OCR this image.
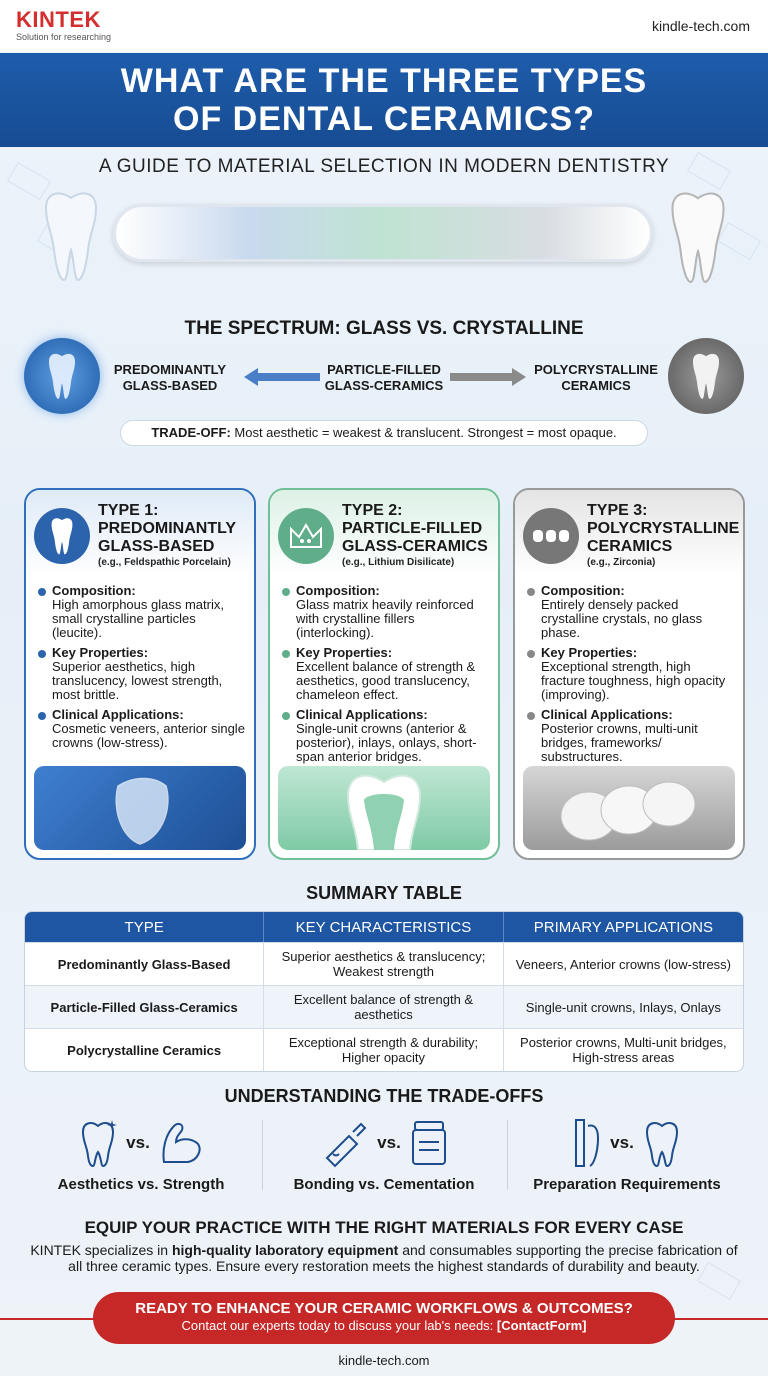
KINTEK
Solution for researching
kindle-tech.com
WHAT ARE THE THREE TYPES
OF DENTAL CERAMICS?
A GUIDE TO MATERIAL SELECTION IN MODERN DENTISTRY
THE SPECTRUM: GLASS VS. CRYSTALLINE
PREDOMINANTLY
GLASS-BASED
PARTICLE-FILLED
GLASS-CERAMICS
POLYCRYSTALLINE
CERAMICS
TRADE-OFF: Most aesthetic = weakest & translucent. Strongest = most opaque.
TYPE 1:
PREDOMINANTLY
GLASS-BASED
(e.g., Feldspathic Porcelain)
Composition:
High amorphous glass matrix, small crystalline particles (leucite).
Key Properties:
Superior aesthetics, high translucency, lowest strength, most brittle.
Clinical Applications:
Cosmetic veneers, anterior single crowns (low-stress).
TYPE 2:
PARTICLE-FILLED
GLASS-CERAMICS
(e.g., Lithium Disilicate)
Composition:
Glass matrix heavily reinforced with crystalline fillers (interlocking).
Key Properties:
Excellent balance of strength & aesthetics, good translucency, chameleon effect.
Clinical Applications:
Single-unit crowns (anterior & posterior), inlays, onlays, short-span anterior bridges.
TYPE 3:
POLYCRYSTALLINE
CERAMICS
(e.g., Zirconia)
Composition:
Entirely densely packed crystalline crystals, no glass phase.
Key Properties:
Exceptional strength, high fracture toughness, high opacity (improving).
Clinical Applications:
Posterior crowns, multi-unit bridges, frameworks/ substructures.
SUMMARY TABLE
TYPE	KEY CHARACTERISTICS	PRIMARY APPLICATIONS
Predominantly Glass-Based	Superior aesthetics & translucency; Weakest strength	Veneers, Anterior crowns (low-stress)
Particle-Filled Glass-Ceramics	Excellent balance of strength & aesthetics	Single-unit crowns, Inlays, Onlays
Polycrystalline Ceramics	Exceptional strength & durability; Higher opacity	Posterior crowns, Multi-unit bridges, High-stress areas
UNDERSTANDING THE TRADE-OFFS
vs.
Aesthetics vs. Strength
vs.
Bonding vs. Cementation
vs.
Preparation Requirements
EQUIP YOUR PRACTICE WITH THE RIGHT MATERIALS FOR EVERY CASE
KINTEK specializes in high-quality laboratory equipment and consumables supporting the precise fabrication of all three ceramic types. Ensure every restoration meets the highest standards of durability and beauty.
READY TO ENHANCE YOUR CERAMIC WORKFLOWS & OUTCOMES?
Contact our experts today to discuss your lab's needs: [ContactForm]
kindle-tech.com
